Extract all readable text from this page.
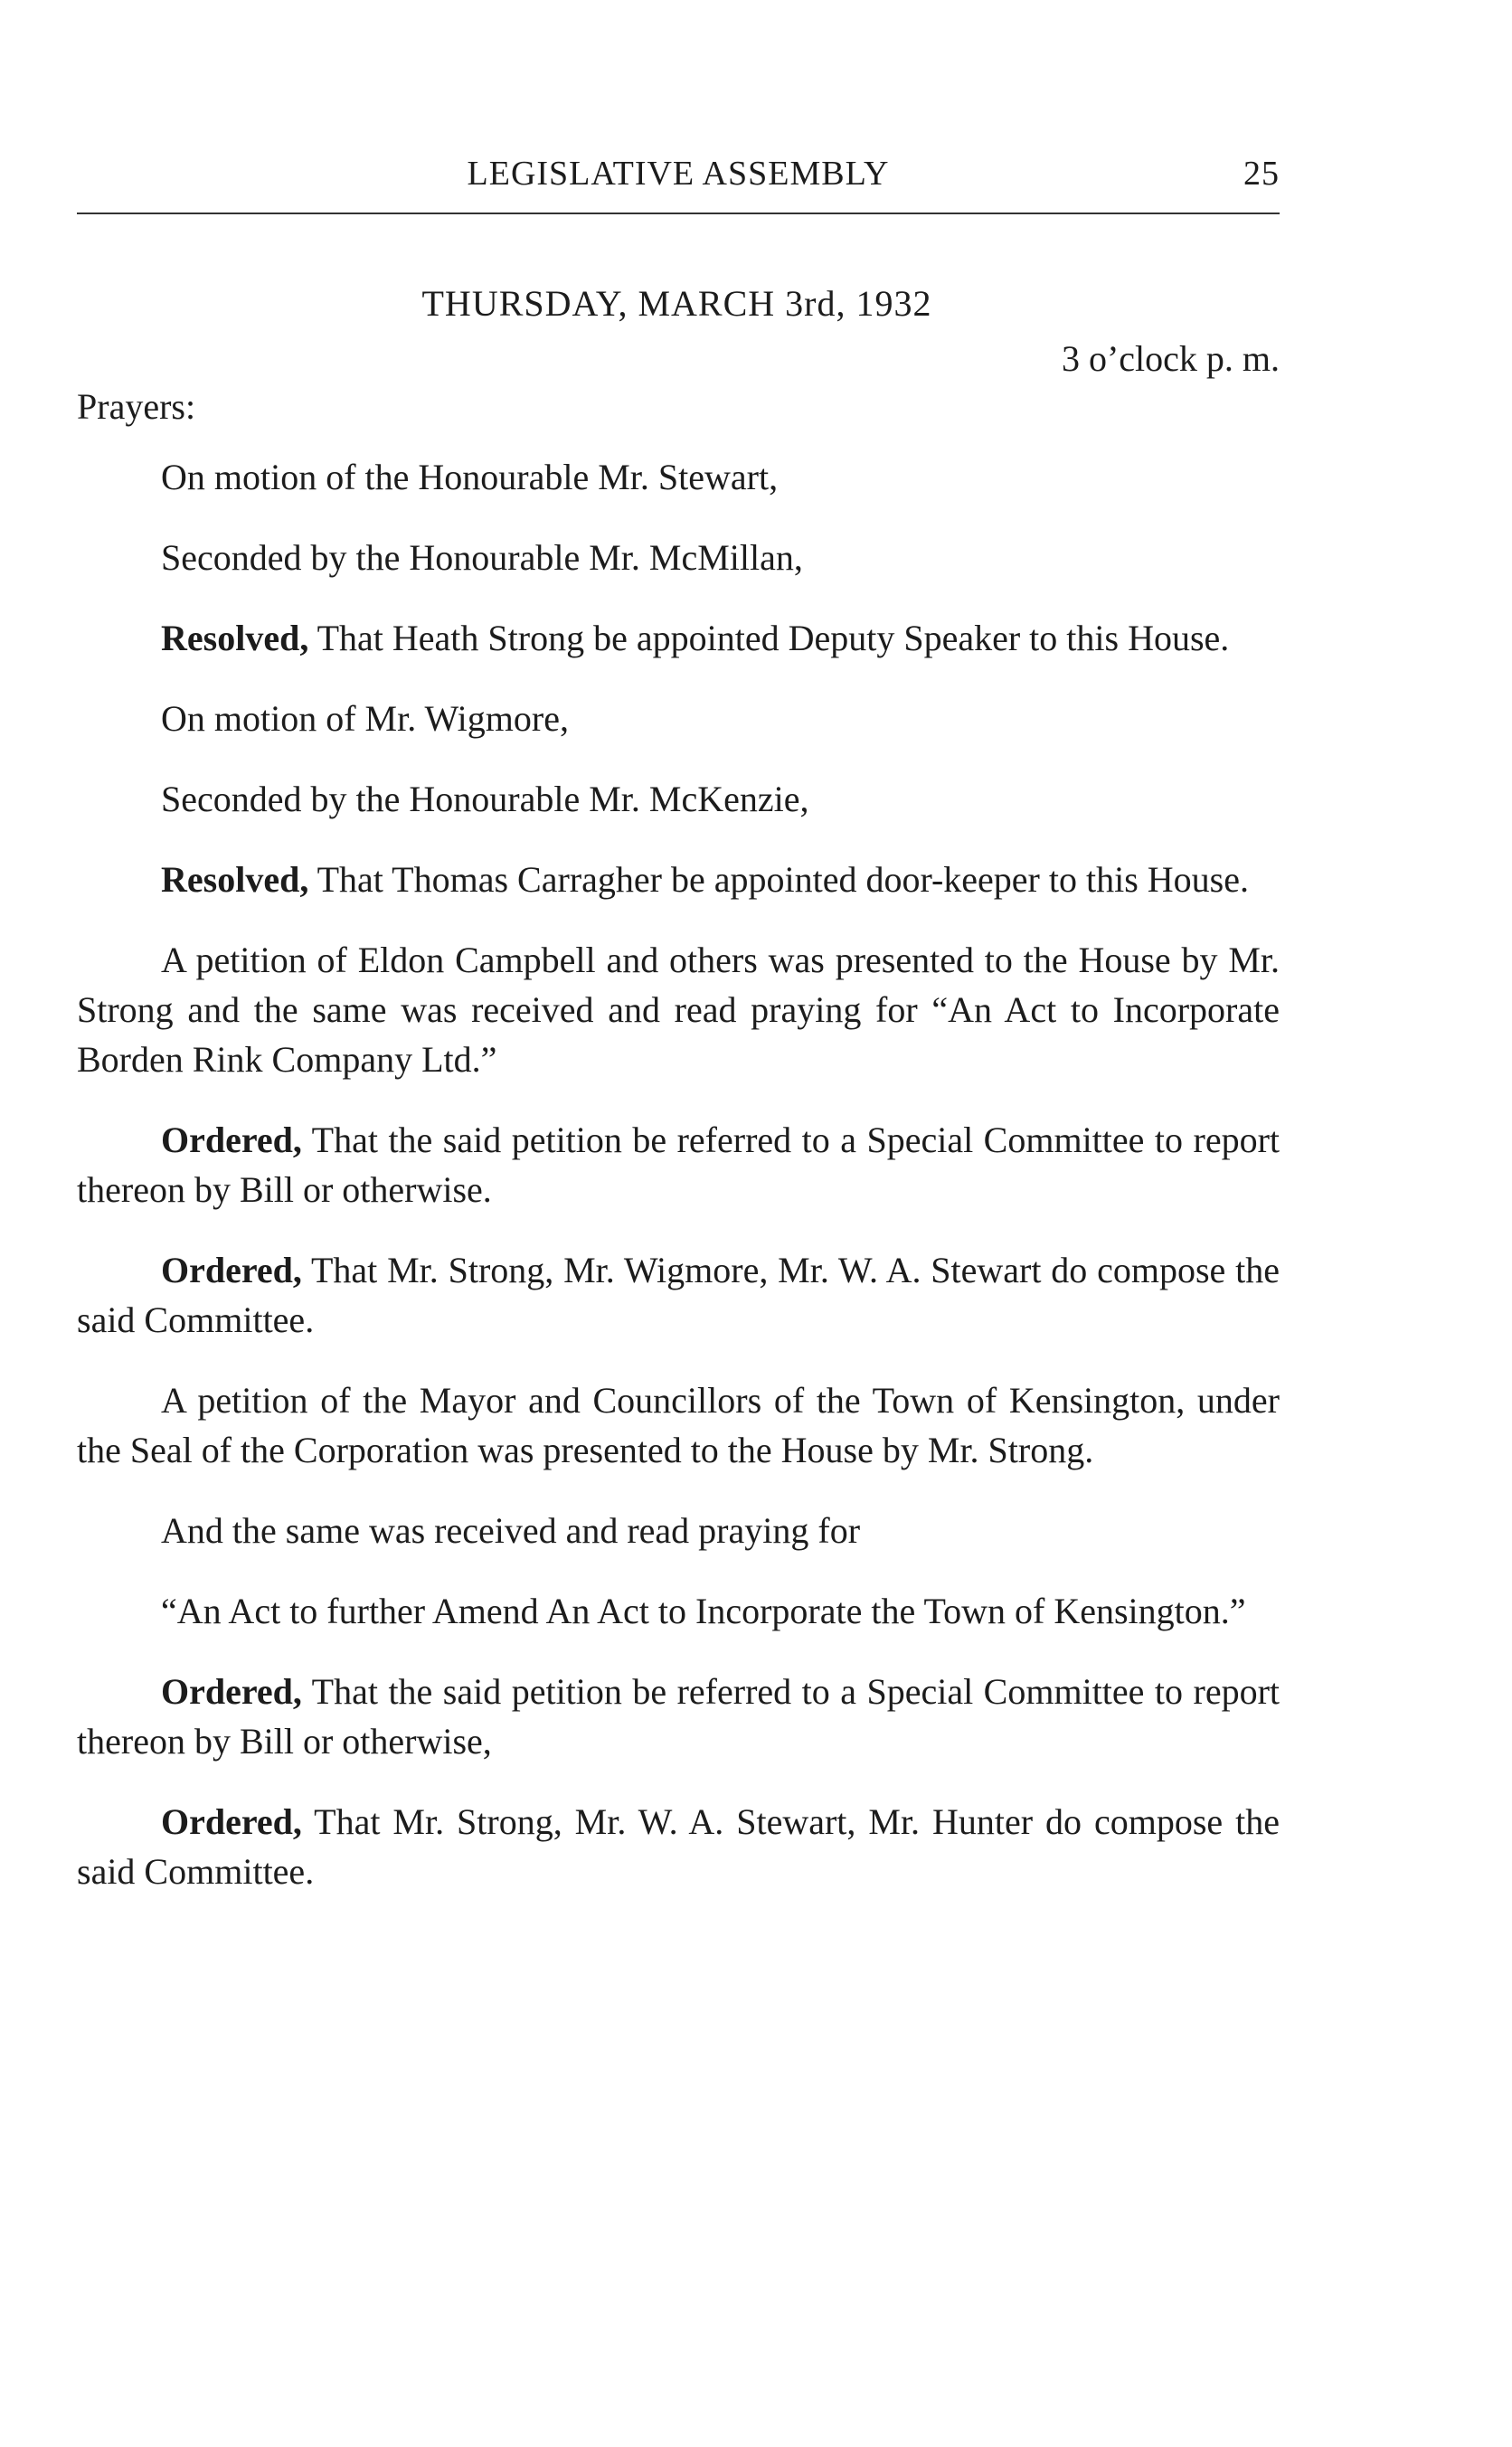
LEGISLATIVE ASSEMBLY	25
THURSDAY, MARCH 3rd, 1932
3 o’clock p. m.
Prayers:

On motion of the Honourable Mr. Stewart,

Seconded by the Honourable Mr. McMillan,

Resolved, That Heath Strong be appointed Deputy Speaker to this House.

On motion of Mr. Wigmore,

Seconded by the Honourable Mr. McKenzie,

Resolved, That Thomas Carragher be appointed door-keeper to this House.

A petition of Eldon Campbell and others was presented to the House by Mr. Strong and the same was received and read praying for “An Act to Incorporate Borden Rink Company Ltd.”

Ordered, That the said petition be referred to a Special Committee to report thereon by Bill or otherwise.

Ordered, That Mr. Strong, Mr. Wigmore, Mr. W. A. Stewart do compose the said Committee.

A petition of the Mayor and Councillors of the Town of Kensington, under the Seal of the Corporation was presented to the House by Mr. Strong.

And the same was received and read praying for

“An Act to further Amend An Act to Incorporate the Town of Kensington.”

Ordered, That the said petition be referred to a Special Committee to report thereon by Bill or otherwise,

Ordered, That Mr. Strong, Mr. W. A. Stewart, Mr. Hunter do compose the said Committee.
